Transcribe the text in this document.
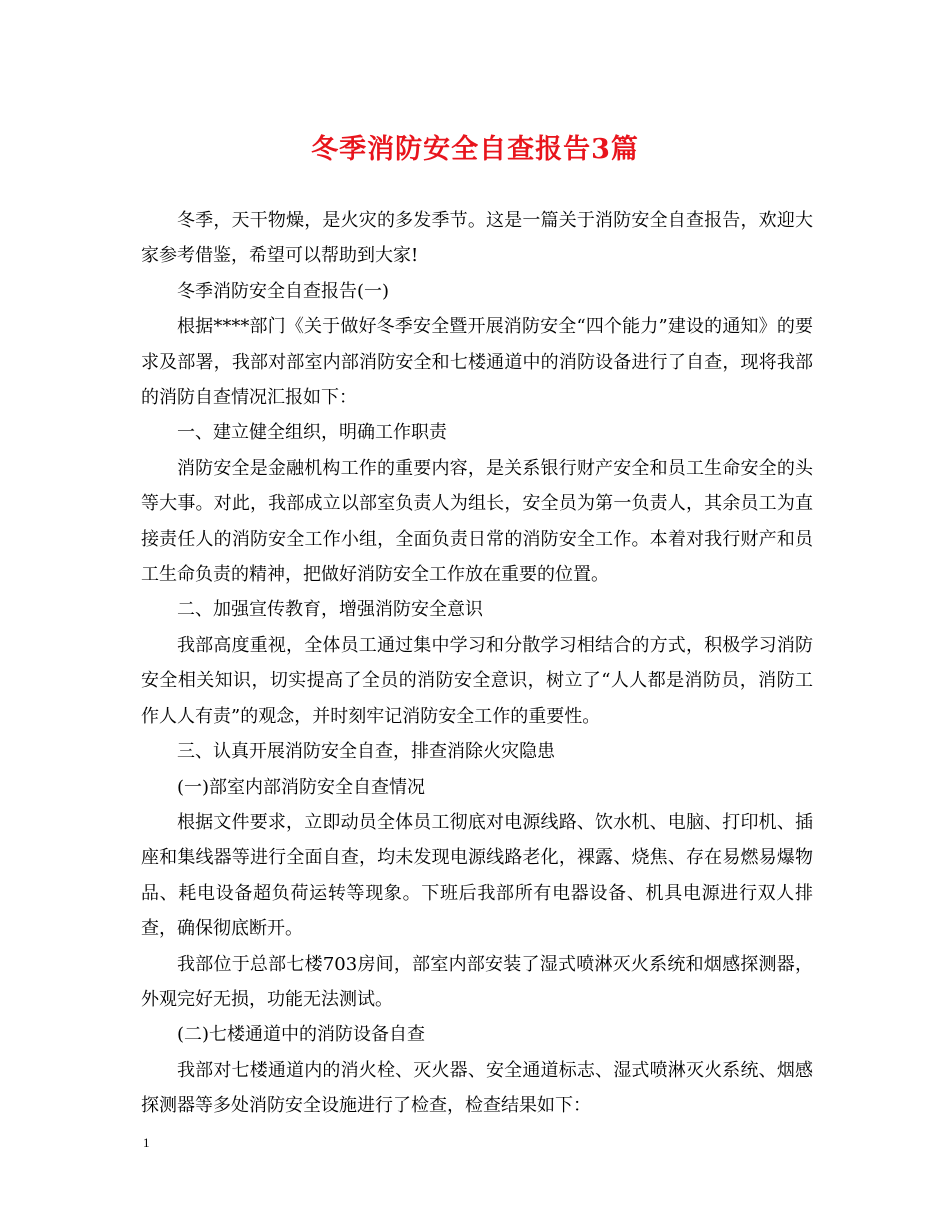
冬季消防安全自查报告3篇

冬季，天干物燥，是火灾的多发季节。这是一篇关于消防安全自查报告，欢迎大家参考借鉴，希望可以帮助到大家!

冬季消防安全自查报告(一)

根据****部门《关于做好冬季安全暨开展消防安全“四个能力”建设的通知》的要求及部署，我部对部室内部消防安全和七楼通道中的消防设备进行了自查，现将我部的消防自查情况汇报如下：

一、建立健全组织，明确工作职责

消防安全是金融机构工作的重要内容，是关系银行财产安全和员工生命安全的头等大事。对此，我部成立以部室负责人为组长，安全员为第一负责人，其余员工为直接责任人的消防安全工作小组，全面负责日常的消防安全工作。本着对我行财产和员工生命负责的精神，把做好消防安全工作放在重要的位置。

二、加强宣传教育，增强消防安全意识

我部高度重视，全体员工通过集中学习和分散学习相结合的方式，积极学习消防安全相关知识，切实提高了全员的消防安全意识，树立了“人人都是消防员，消防工作人人有责”的观念，并时刻牢记消防安全工作的重要性。

三、认真开展消防安全自查，排查消除火灾隐患

(一)部室内部消防安全自查情况

根据文件要求，立即动员全体员工彻底对电源线路、饮水机、电脑、打印机、插座和集线器等进行全面自查，均未发现电源线路老化，裸露、烧焦、存在易燃易爆物品、耗电设备超负荷运转等现象。下班后我部所有电器设备、机具电源进行双人排查，确保彻底断开。

我部位于总部七楼703房间，部室内部安装了湿式喷淋灭火系统和烟感探测器，外观完好无损，功能无法测试。

(二)七楼通道中的消防设备自查

我部对七楼通道内的消火栓、灭火器、安全通道标志、湿式喷淋灭火系统、烟感探测器等多处消防安全设施进行了检查，检查结果如下：

1
